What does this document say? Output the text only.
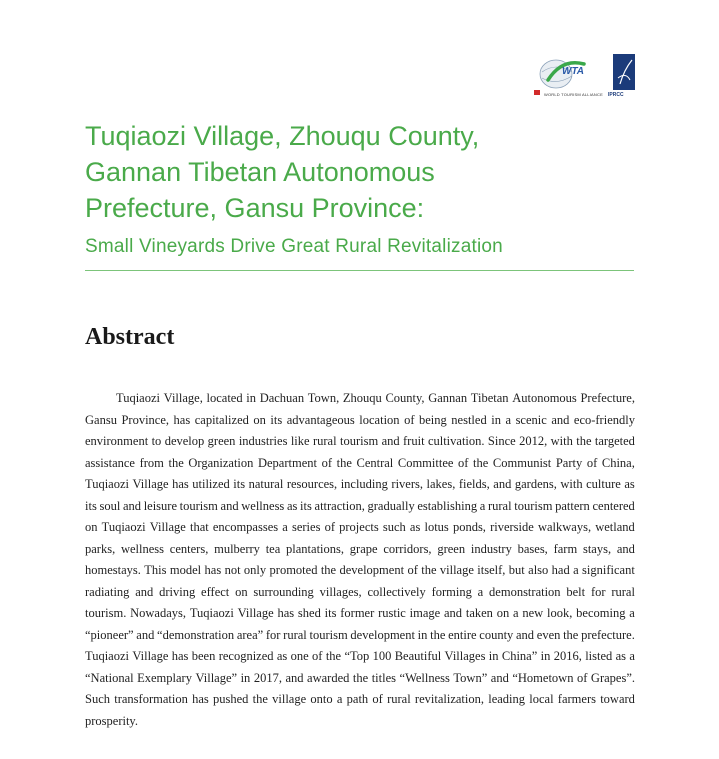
WTA
WORLD TOURISM ALLIANCE IPRCC
Tuqiaozi Village, Zhouqu County,
Gannan Tibetan Autonomous
Prefecture, Gansu Province:
Small Vineyards Drive Great Rural Revitalization
Abstract
Tuqiaozi Village, located in Dachuan Town, Zhouqu County, Gannan Tibetan Autonomous Prefecture,
Gansu Province, has capitalized on its advantageous location of being nestled in a scenic and eco-friendly
environment to develop green industries like rural tourism and fruit cultivation. Since 2012, with the targeted
assistance from the Organization Department of the Central Committee of the Communist Party of China,
Tuqiaozi Village has utilized its natural resources, including rivers, lakes, fields, and gardens, with culture as
its soul and leisure tourism and wellness as its attraction, gradually establishing a rural tourism pattern centered
on Tuqiaozi Village that encompasses a series of projects such as lotus ponds, riverside walkways, wetland
parks, wellness centers, mulberry tea plantations, grape corridors, green industry bases, farm stays, and
homestays. This model has not only promoted the development of the village itself, but also had a significant
radiating and driving effect on surrounding villages, collectively forming a demonstration belt for rural
tourism. Nowadays, Tuqiaozi Village has shed its former rustic image and taken on a new look, becoming a
“pioneer” and “demonstration area” for rural tourism development in the entire county and even the prefecture.
Tuqiaozi Village has been recognized as one of the “Top 100 Beautiful Villages in China” in 2016, listed as a
“National Exemplary Village” in 2017, and awarded the titles “Wellness Town” and “Hometown of Grapes”.
Such transformation has pushed the village onto a path of rural revitalization, leading local farmers toward
prosperity.
